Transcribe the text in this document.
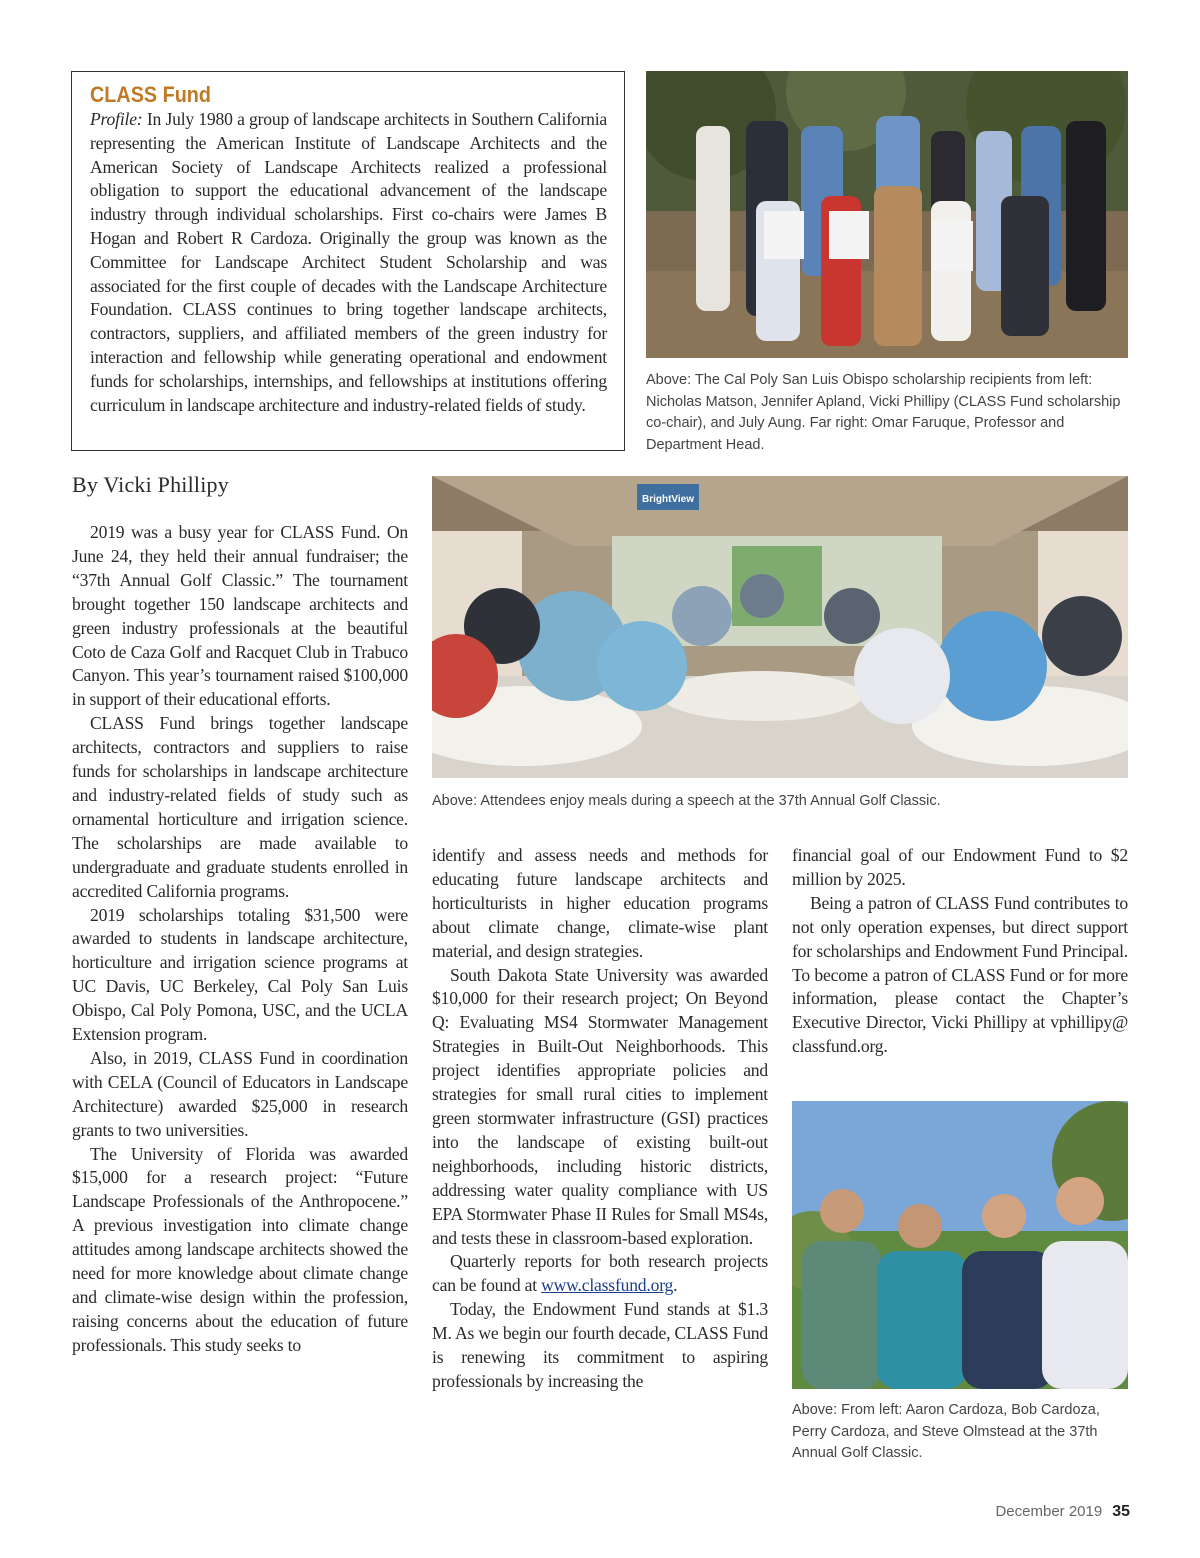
CLASS Fund

Profile: In July 1980 a group of landscape architects in Southern California representing the American Institute of Landscape Architects and the American Society of Landscape Architects realized a professional obligation to support the educational advancement of the landscape industry through individual scholarships. First co-chairs were James B Hogan and Robert R Cardoza. Originally the group was known as the Committee for Landscape Architect Student Scholarship and was associated for the first couple of decades with the Landscape Architecture Foundation. CLASS continues to bring together landscape architects, contractors, suppliers, and affiliated members of the green industry for interaction and fellowship while generating operational and endowment funds for scholarships, internships, and fellowships at institutions offering curriculum in landscape architecture and industry-related fields of study.

Above: The Cal Poly San Luis Obispo scholarship recipients from left: Nicholas Matson, Jennifer Apland, Vicki Phillipy (CLASS Fund scholarship co-chair), and July Aung. Far right: Omar Faruque, Professor and Department Head.

By Vicki Phillipy

BrightView

Above: Attendees enjoy meals during a speech at the 37th Annual Golf Classic.

Above: From left: Aaron Cardoza, Bob Cardoza, Perry Cardoza, and Steve Olmstead at the 37th Annual Golf Classic.

2019 was a busy year for CLASS Fund. On June 24, they held their annual fundraiser; the “37th Annual Golf Classic.” The tournament brought together 150 landscape architects and green industry professionals at the beautiful Coto de Caza Golf and Racquet Club in Trabuco Canyon. This year’s tournament raised $100,000 in support of their educational efforts.

CLASS Fund brings together landscape architects, contractors and suppliers to raise funds for scholarships in landscape architecture and industry-related fields of study such as ornamental horticulture and irrigation science. The scholarships are made available to undergraduate and graduate students enrolled in accredited California programs.

2019 scholarships totaling $31,500 were awarded to students in landscape architecture, horticulture and irrigation science programs at UC Davis, UC Berkeley, Cal Poly San Luis Obispo, Cal Poly Pomona, USC, and the UCLA Extension program.

Also, in 2019, CLASS Fund in coordination with CELA (Council of Educators in Landscape Architecture) awarded $25,000 in research grants to two universities.

The University of Florida was awarded $15,000 for a research project: “Future Landscape Professionals of the Anthropocene.” A previous investigation into climate change attitudes among landscape architects showed the need for more knowledge about climate change and climate-wise design within the profession, raising concerns about the education of future professionals. This study seeks to

identify and assess needs and methods for educating future landscape architects and horticulturists in higher education programs about climate change, climate-wise plant material, and design strategies.

South Dakota State University was awarded $10,000 for their research project; On Beyond Q: Evaluating MS4 Stormwater Management Strategies in Built-Out Neighborhoods. This project identifies appropriate policies and strategies for small rural cities to implement green stormwater infrastructure (GSI) practices into the landscape of existing built-out neighborhoods, including historic districts, addressing water quality compliance with US EPA Stormwater Phase II Rules for Small MS4s, and tests these in classroom-based exploration.

Quarterly reports for both research projects can be found at www.classfund.org.

Today, the Endowment Fund stands at $1.3 M. As we begin our fourth decade, CLASS Fund is renewing its commitment to aspiring professionals by increasing the

financial goal of our Endowment Fund to $2 million by 2025.

Being a patron of CLASS Fund contributes to not only operation expenses, but direct support for scholarships and Endowment Fund Principal. To become a patron of CLASS Fund or for more information, please contact the Chapter’s Executive Director, Vicki Phillipy at vphillipy@ classfund.org.

December 2019 35
